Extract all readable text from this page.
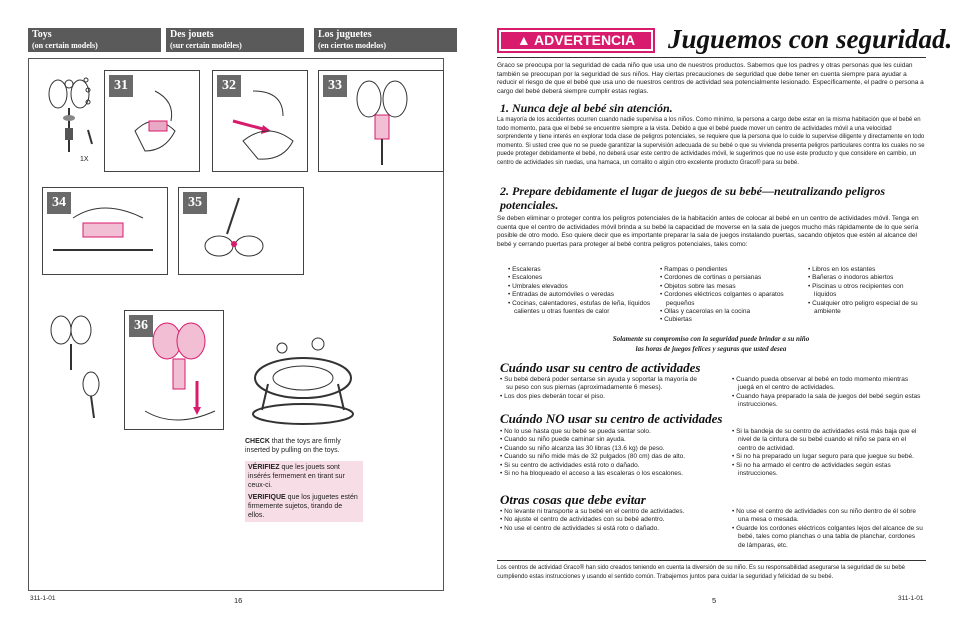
Toys
(on certain models)
Des jouets
(sur certain modèles)
Los juguetes
(en ciertos modelos)
1X
31	32	33
34	35
36
CHECK that the toys are firmly inserted by pulling on the toys.
VÉRIFIEZ que les jouets sont insérés fermement en tirant sur ceux-ci.
VERIFIQUE que los juguetes estén firmemente sujetos, tirando de ellos.
311-1-01	16
▲ ADVERTENCIA	Juguemos con seguridad.
Graco se preocupa por la seguridad de cada niño que usa uno de nuestros productos. Sabemos que los padres y otras personas que les cuidan también se preocupan por la seguridad de sus niños. Hay ciertas precauciones de seguridad que debe tener en cuenta siempre para ayudar a reducir el riesgo de que el bebé que usa uno de nuestros centros de actividad sea potencialmente lesionado. Específicamente, el padre o persona a cargo del bebé deberá siempre cumplir estas reglas.
1. Nunca deje al bebé sin atención.
La mayoría de los accidentes ocurren cuando nadie supervisa a los niños. Como mínimo, la persona a cargo debe estar en la misma habitación que el bebé en todo momento, para que el bebé se encuentre siempre a la vista. Debido a que el bebé puede mover un centro de actividades móvil a una velocidad sorprendente y tiene interés en explorar toda clase de peligros potenciales, se requiere que la persona que lo cuide lo supervise diligente y directamente en todo momento. Si usted cree que no se puede garantizar la supervisión adecuada de su bebé o que su vivienda presenta peligros particulares contra los cuales no se puede proteger debidamente el bebé, no deberá usar este centro de actividades móvil, le sugerimos que no use este producto y que considere en cambio, un centro de actividades sin ruedas, una hamaca, un corralito o algún otro excelente producto Graco® para su bebé.
2. Prepare debidamente el lugar de juegos de su bebé—neutralizando peligros potenciales.
Se deben eliminar o proteger contra los peligros potenciales de la habitación antes de colocar al bebé en un centro de actividades móvil. Tenga en cuenta que el centro de actividades móvil brinda a su bebé la capacidad de moverse en la sala de juegos mucho más rápidamente de lo que sería posible de otro modo. Eso quiere decir que es importante preparar la sala de juegos instalando puertas, sacando objetos que estén al alcance del bebé y cerrando puertas para proteger al bebé contra peligros potenciales, tales como:
• Escaleras
• Escalones
• Umbrales elevados
• Entradas de automóviles o veredas
• Cocinas, calentadores, estufas de leña, líquidos calientes u otras fuentes de calor
• Rampas o pendientes
• Cordones de cortinas o persianas
• Objetos sobre las mesas
• Cordones eléctricos colgantes o aparatos pequeños
• Ollas y cacerolas en la cocina
• Cubiertas
• Libros en los estantes
• Bañeras o inodoros abiertos
• Piscinas u otros recipientes con líquidos
• Cualquier otro peligro especial de su ambiente
Solamente su compromiso con la seguridad puede brindar a su niño
las horas de juegos felices y seguras que usted desea
Cuándo usar su centro de actividades
• Su bebé deberá poder sentarse sin ayuda y soportar la mayoría de su peso con sus piernas (aproximadamente 6 meses).
• Los dos pies deberán tocar el piso.
• Cuando pueda observar al bebé en todo momento mientras juegá en el centro de actividades.
• Cuando haya preparado la sala de juegos del bebé según estas instrucciones.
Cuándo NO usar su centro de actividades
• No lo use hasta que su bebé se pueda sentar solo.
• Cuando su niño puede caminar sin ayuda.
• Cuando su niño alcanza las 30 libras (13.6 kg) de peso.
• Cuando su niño mide más de 32 pulgados (80 cm) das de alto.
• Si su centro de actividades está roto o dañado.
• Si no ha bloqueado el acceso a las escaleras o los escalones.
• Si la bandeja de su centro de actividades está más baja que el nivel de la cintura de su bebé cuando el niño se para en el centro de actividad.
• Si no ha preparado un lugar seguro para que juegue su bebé.
• Si no ha armado el centro de actividades según estas instrucciones.
Otras cosas que debe evitar
• No levante ni transporte a su bebé en el centro de actividades.
• No ajuste el centro de actividades con su bebé adentro.
• No use el centro de actividades si está roto o dañado.
• No use el centro de actividades con su niño dentro de él sobre una mesa o mesada.
• Guarde los cordones eléctricos colgantes lejos del alcance de su bebé, tales como planchas o una tabla de planchar, cordones de lámparas, etc.
Los centros de actividad Graco® han sido creados teniendo en cuenta la diversión de su niño. Es su responsabilidad asegurarse la seguridad de su bebé cumpliendo estas instrucciones y usando el sentido común. Trabajemos juntos para cuidar la seguridad y felicidad de su bebé.
5	311-1-01
